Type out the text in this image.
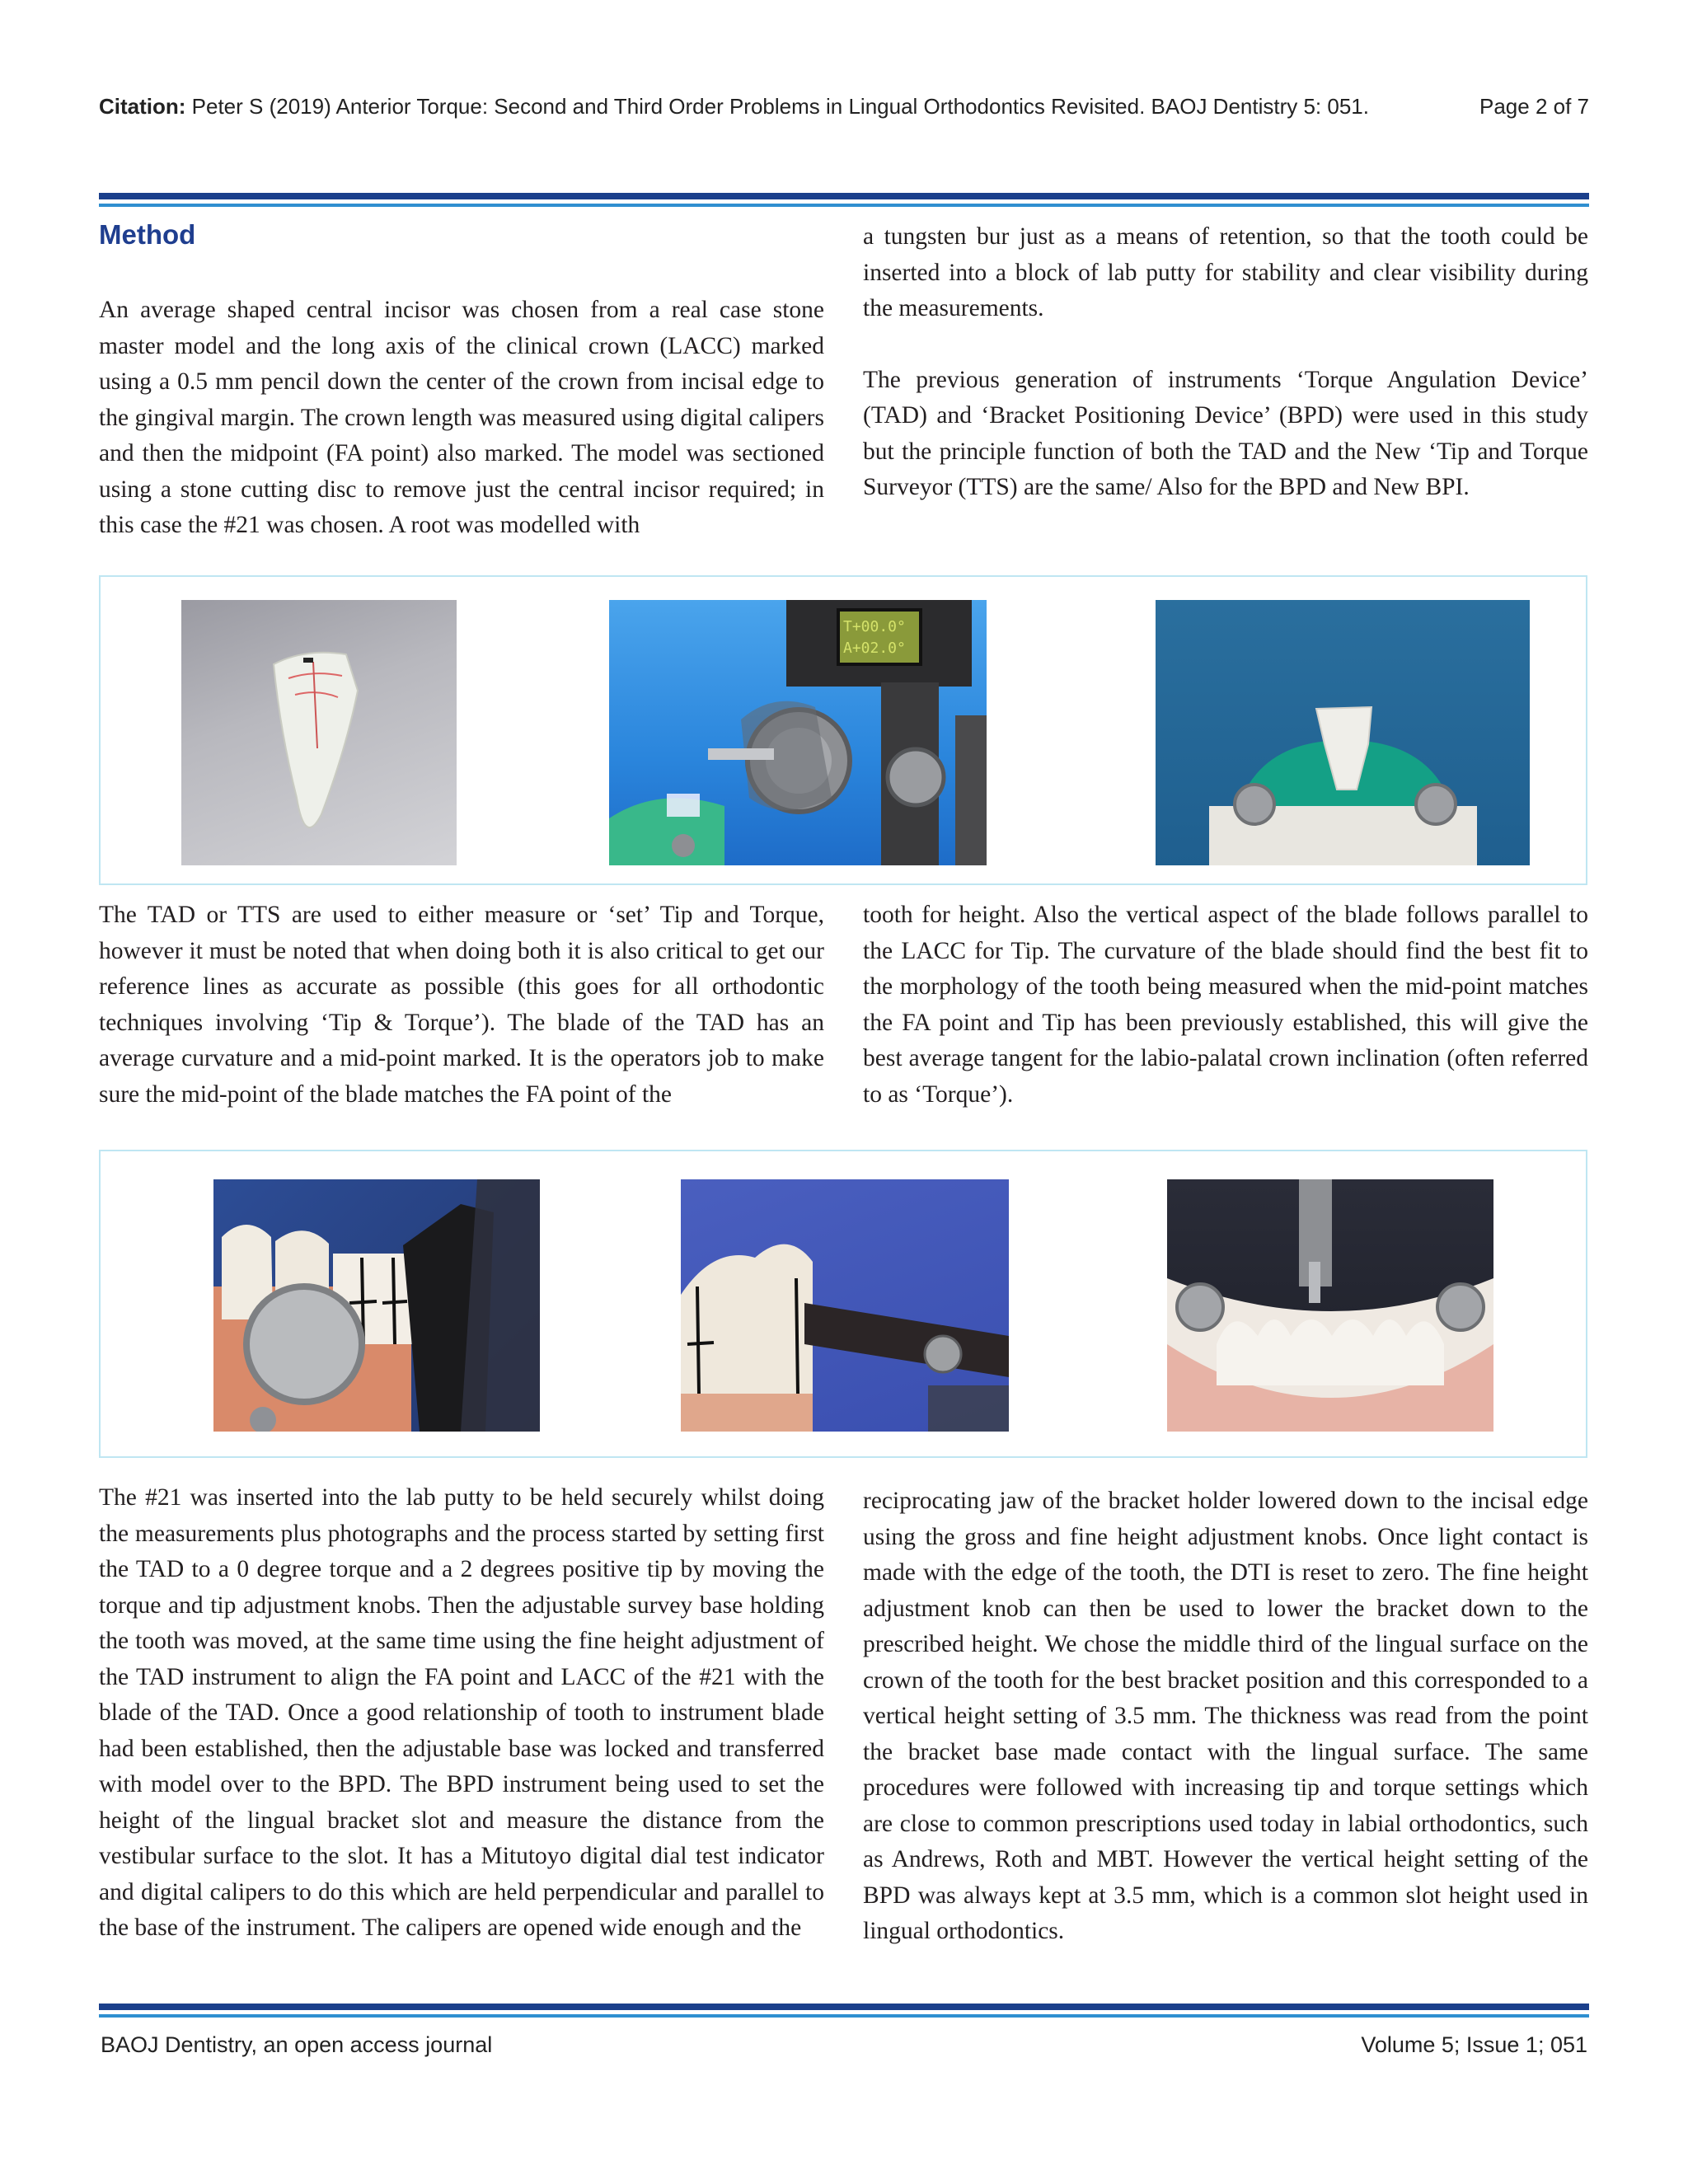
Citation: Peter S (2019) Anterior Torque: Second and Third Order Problems in Lingual Orthodontics Revisited. BAOJ Dentistry 5: 051.	Page 2 of 7
Method

An average shaped central incisor was chosen from a real case stone master model and the long axis of the clinical crown (LACC) marked using a 0.5 mm pencil down the center of the crown from incisal edge to the gingival margin. The crown length was measured using digital calipers and then the midpoint (FA point) also marked. The model was sectioned using a stone cutting disc to remove just the central incisor required; in this case the #21 was chosen. A root was modelled with

a tungsten bur just as a means of retention, so that the tooth could be inserted into a block of lab putty for stability and clear visibility during the measurements.

The previous generation of instruments ‘Torque Angulation Device’ (TAD) and ‘Bracket Positioning Device’ (BPD) were used in this study but the principle function of both the TAD and the New ‘Tip and Torque Surveyor (TTS) are the same/ Also for the BPD and New BPI.

T+00.0°
A+02.0°

The TAD or TTS are used to either measure or ‘set’ Tip and Torque, however it must be noted that when doing both it is also critical to get our reference lines as accurate as possible (this goes for all orthodontic techniques involving ‘Tip & Torque’). The blade of the TAD has an average curvature and a mid-point marked. It is the operators job to make sure the mid-point of the blade matches the FA point of the

tooth for height. Also the vertical aspect of the blade follows parallel to the LACC for Tip. The curvature of the blade should find the best fit to the morphology of the tooth being measured when the mid-point matches the FA point and Tip has been previously established, this will give the best average tangent for the labio-palatal crown inclination (often referred to as ‘Torque’).

The #21 was inserted into the lab putty to be held securely whilst doing the measurements plus photographs and the process started by setting first the TAD to a 0 degree torque and a 2 degrees positive tip by moving the torque and tip adjustment knobs. Then the adjustable survey base holding the tooth was moved, at the same time using the fine height adjustment of the TAD instrument to align the FA point and LACC of the #21 with the blade of the TAD. Once a good relationship of tooth to instrument blade had been established, then the adjustable base was locked and transferred with model over to the BPD. The BPD instrument being used to set the height of the lingual bracket slot and measure the distance from the vestibular surface to the slot. It has a Mitutoyo digital dial test indicator and digital calipers to do this which are held perpendicular and parallel to the base of the instrument. The calipers are opened wide enough and the

reciprocating jaw of the bracket holder lowered down to the incisal edge using the gross and fine height adjustment knobs. Once light contact is made with the edge of the tooth, the DTI is reset to zero. The fine height adjustment knob can then be used to lower the bracket down to the prescribed height. We chose the middle third of the lingual surface on the crown of the tooth for the best bracket position and this corresponded to a vertical height setting of 3.5 mm. The thickness was read from the point the bracket base made contact with the lingual surface. The same procedures were followed with increasing tip and torque settings which are close to common prescriptions used today in labial orthodontics, such as Andrews, Roth and MBT. However the vertical height setting of the BPD was always kept at 3.5 mm, which is a common slot height used in lingual orthodontics.

BAOJ Dentistry, an open access journal	Volume 5; Issue 1; 051
